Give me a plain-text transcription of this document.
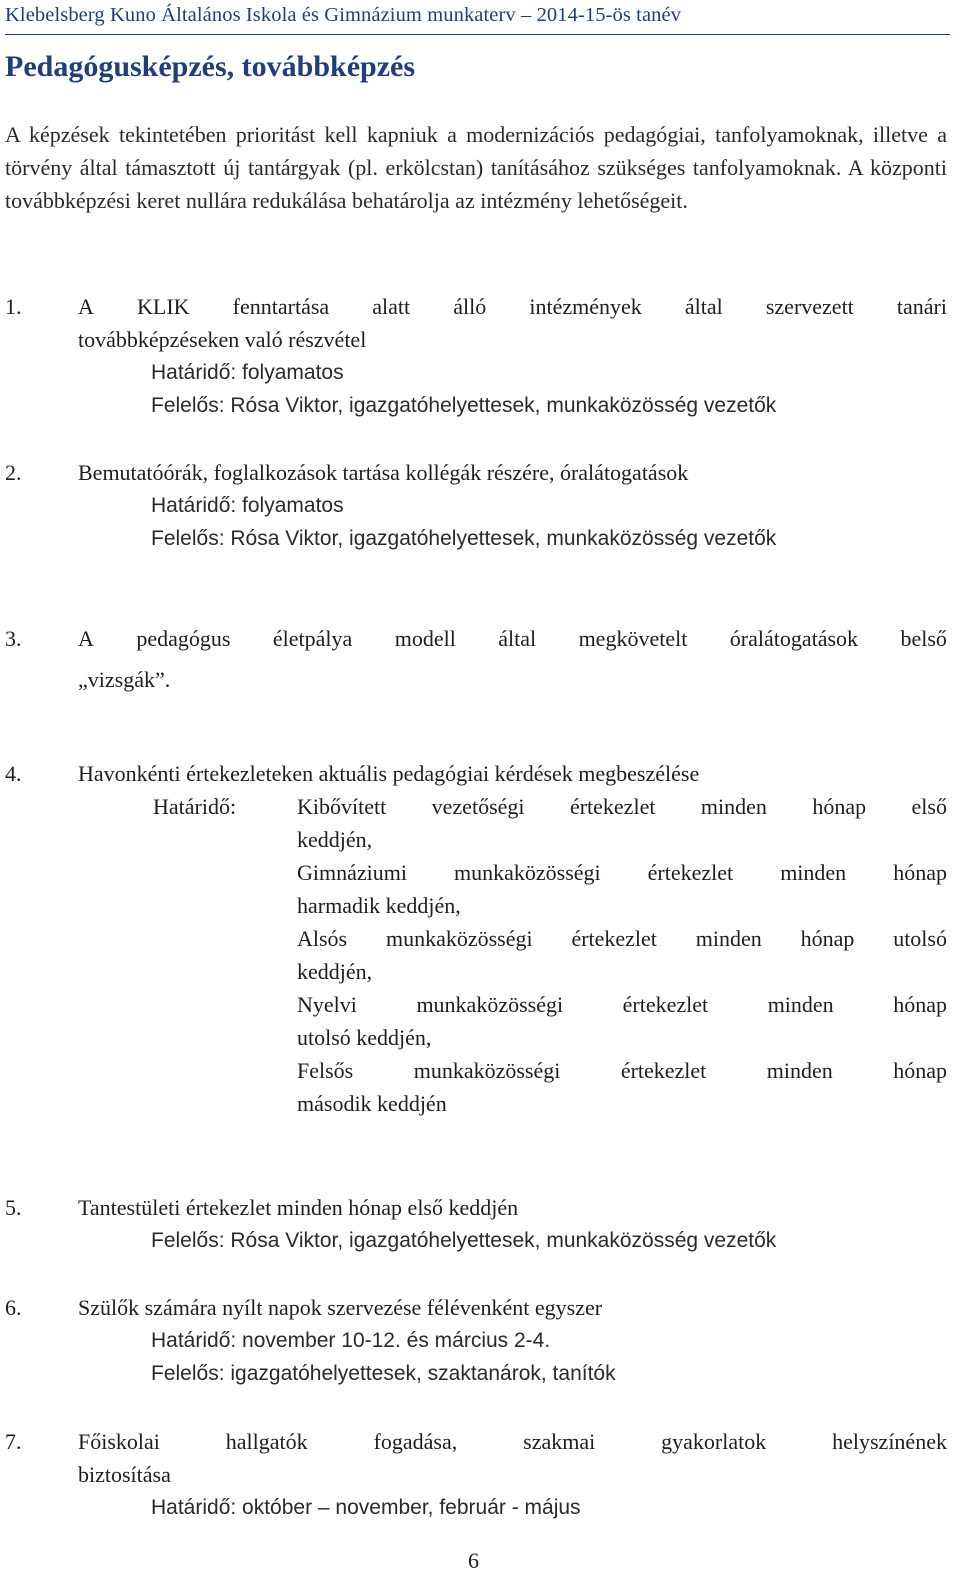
Klebelsberg Kuno Általános Iskola és Gimnázium munkaterv – 2014-15-ös tanév
Pedagógusképzés, továbbképzés
A képzések tekintetében prioritást kell kapniuk a modernizációs pedagógiai, tanfolyamoknak, illetve a törvény által támasztott új tantárgyak (pl. erkölcstan) tanításához szükséges tanfolyamoknak. A központi továbbképzési keret nullára redukálása behatárolja az intézmény lehetőségeit.
1.	A KLIK fenntartása alatt álló intézmények által szervezett tanári
továbbképzéseken való részvétel
Határidő: folyamatos
Felelős: Rósa Viktor, igazgatóhelyettesek, munkaközösség vezetők
2.	Bemutatóórák, foglalkozások tartása kollégák részére, óralátogatások
Határidő: folyamatos
Felelős: Rósa Viktor, igazgatóhelyettesek, munkaközösség vezetők
3.	A pedagógus életpálya modell által megkövetelt óralátogatások belső
„vizsgák”.
4.	Havonkénti értekezleteken aktuális pedagógiai kérdések megbeszélése
Határidő:	Kibővített vezetőségi értekezlet minden hónap első
keddjén,
Gimnáziumi munkaközösségi értekezlet minden hónap
harmadik keddjén,
Alsós munkaközösségi értekezlet minden hónap utolsó
keddjén,
Nyelvi	munkaközösségi	értekezlet	minden	hónap
utolsó keddjén,
Felsős	munkaközösségi	értekezlet	minden	hónap
második keddjén
5.	Tantestületi értekezlet minden hónap első keddjén
Felelős: Rósa Viktor, igazgatóhelyettesek, munkaközösség vezetők
6.	Szülők számára nyílt napok szervezése félévenként egyszer
Határidő: november 10-12. és március 2-4.
Felelős: igazgatóhelyettesek, szaktanárok, tanítók
7.	Főiskolai	hallgatók	fogadása,	szakmai	gyakorlatok	helyszínének
biztosítása
Határidő: október – november, február - május
6
